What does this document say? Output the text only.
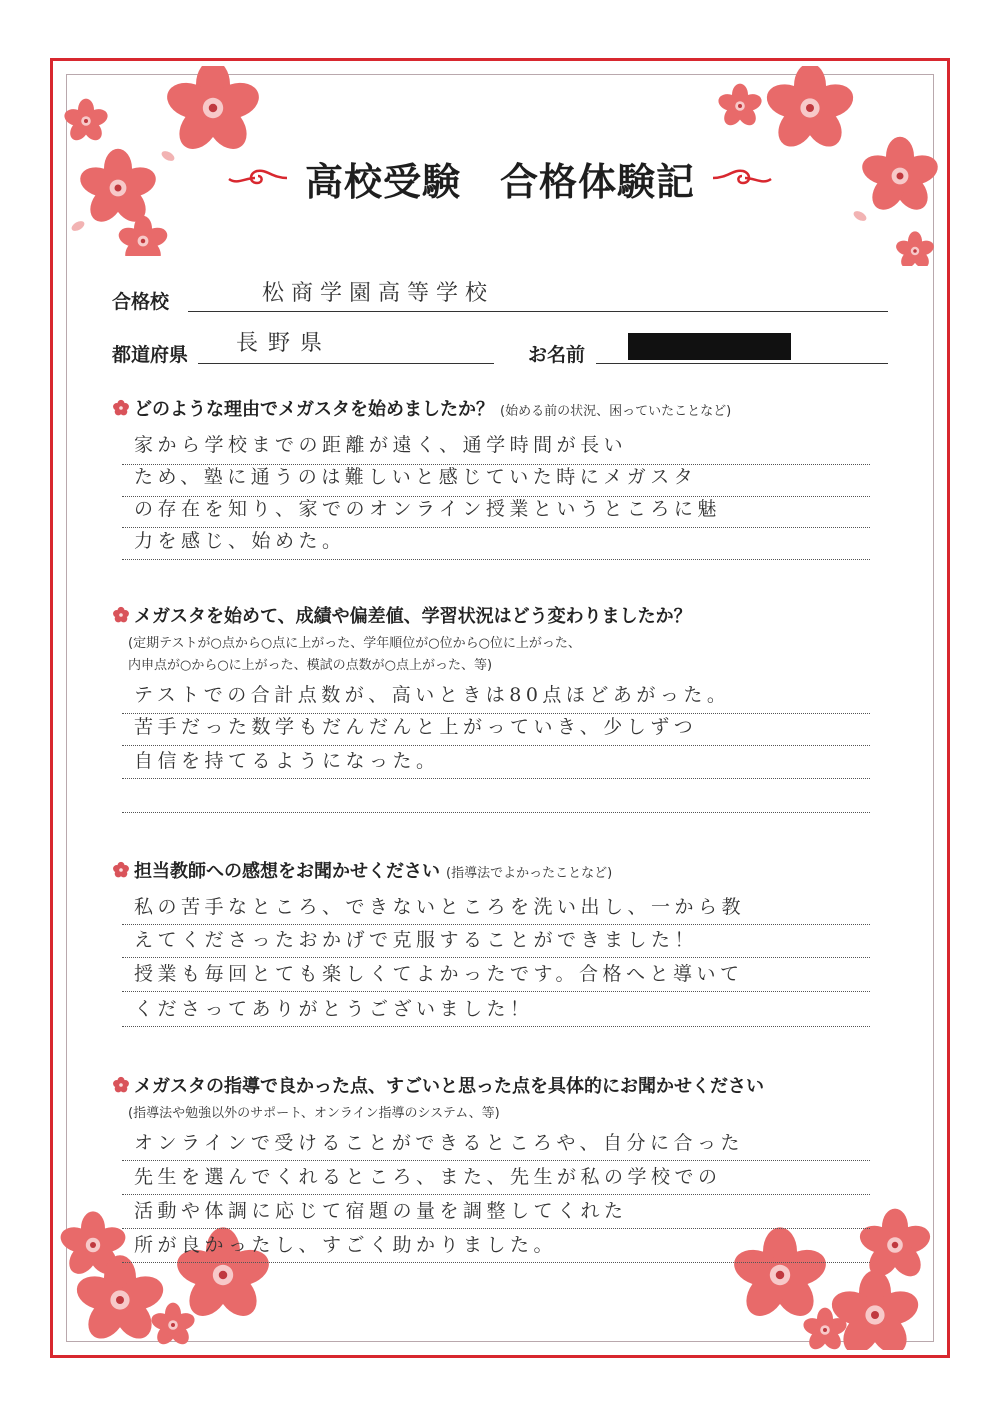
高校受験　合格体験記
合格校	松商学園高等学校
都道府県 長野県	お名前
どのような理由でメガスタを始めましたか？ (始める前の状況、困っていたことなど)
家から学校までの距離が遠く、通学時間が長い
ため、塾に通うのは難しいと感じていた時にメガスタ
の存在を知り、家でのオンライン授業というところに魅
力を感じ、始めた。
メガスタを始めて、成績や偏差値、学習状況はどう変わりましたか？
(定期テストが○点から○点に上がった、学年順位が○位から○位に上がった、
内申点が○から○に上がった、模試の点数が○点上がった、等)
テストでの合計点数が、高いときは80点ほどあがった。
苦手だった数学もだんだんと上がっていき、少しずつ
自信を持てるようになった。
担当教師への感想をお聞かせください (指導法でよかったことなど)
私の苦手なところ、できないところを洗い出し、一から教
えてくださったおかげで克服することができました！
授業も毎回とても楽しくてよかったです。合格へと導いて
くださってありがとうございました！
メガスタの指導で良かった点、すごいと思った点を具体的にお聞かせください
(指導法や勉強以外のサポート、オンライン指導のシステム、等)
オンラインで受けることができるところや、自分に合った
先生を選んでくれるところ、また、先生が私の学校での
活動や体調に応じて宿題の量を調整してくれた
所が良かったし、すごく助かりました。
